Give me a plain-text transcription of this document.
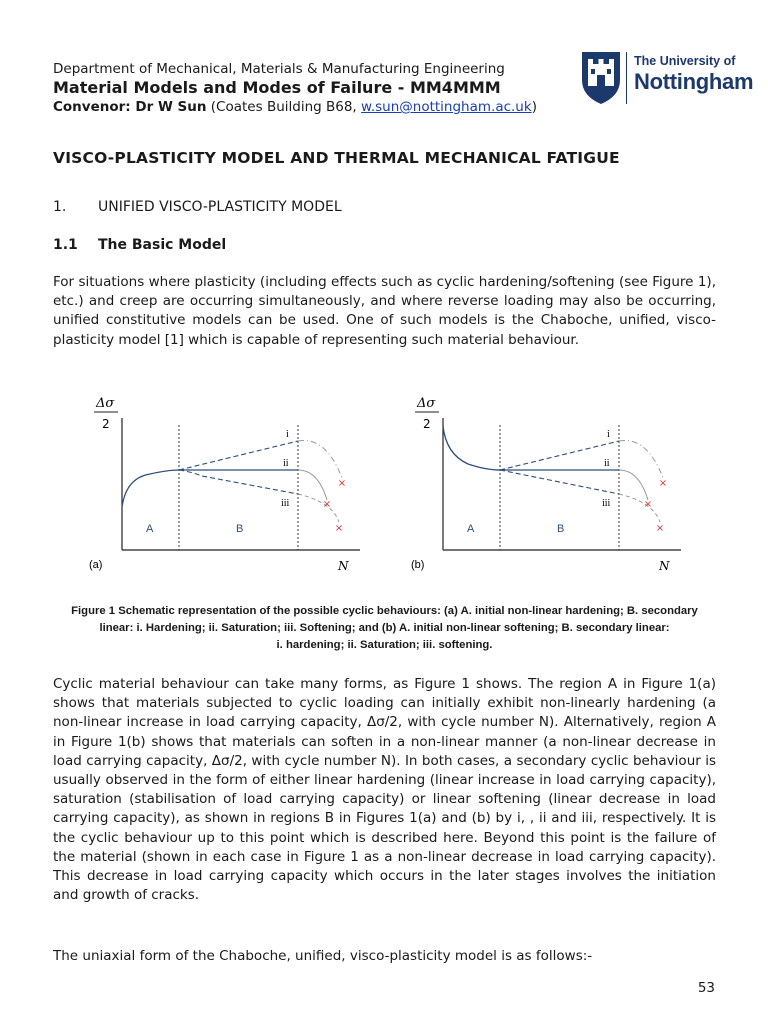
Department of Mechanical, Materials & Manufacturing Engineering
Material Models and Modes of Failure - MM4MMM
Convenor: Dr W Sun (Coates Building B68, w.sun@nottingham.ac.uk)
The University of
Nottingham
VISCO-PLASTICITY MODEL AND THERMAL MECHANICAL FATIGUE
1. UNIFIED VISCO-PLASTICITY MODEL
1.1 The Basic Model
For situations where plasticity (including effects such as cyclic hardening/softening (see Figure 1), etc.) and creep are occurring simultaneously, and where reverse loading may also be occurring, unified constitutive models can be used. One of such models is the Chaboche, unified, visco-plasticity model [1] which is capable of representing such material behaviour.
Δσ
2
×
×
×
i
ii
iii
A	B
(a)	N
Δσ
2
×
×
×
i
ii
iii
A	B
(b)	N
Figure 1 Schematic representation of the possible cyclic behaviours: (a) A. initial non-linear hardening; B. secondary
linear: i. Hardening; ii. Saturation; iii. Softening; and (b) A. initial non-linear softening; B. secondary linear:
i. hardening; ii. Saturation; iii. softening.
Cyclic material behaviour can take many forms, as Figure 1 shows. The region A in Figure 1(a) shows that materials subjected to cyclic loading can initially exhibit non-linearly hardening (a non-linear increase in load carrying capacity, Δσ/2, with cycle number N). Alternatively, region A in Figure 1(b) shows that materials can soften in a non-linear manner (a non-linear decrease in load carrying capacity, Δσ/2, with cycle number N). In both cases, a secondary cyclic behaviour is usually observed in the form of either linear hardening (linear increase in load carrying capacity), saturation (stabilisation of load carrying capacity) or linear softening (linear decrease in load carrying capacity), as shown in regions B in Figures 1(a) and (b) by i, , ii and iii, respectively. It is the cyclic behaviour up to this point which is described here. Beyond this point is the failure of the material (shown in each case in Figure 1 as a non-linear decrease in load carrying capacity). This decrease in load carrying capacity which occurs in the later stages involves the initiation and growth of cracks.
The uniaxial form of the Chaboche, unified, visco-plasticity model is as follows:-
53
